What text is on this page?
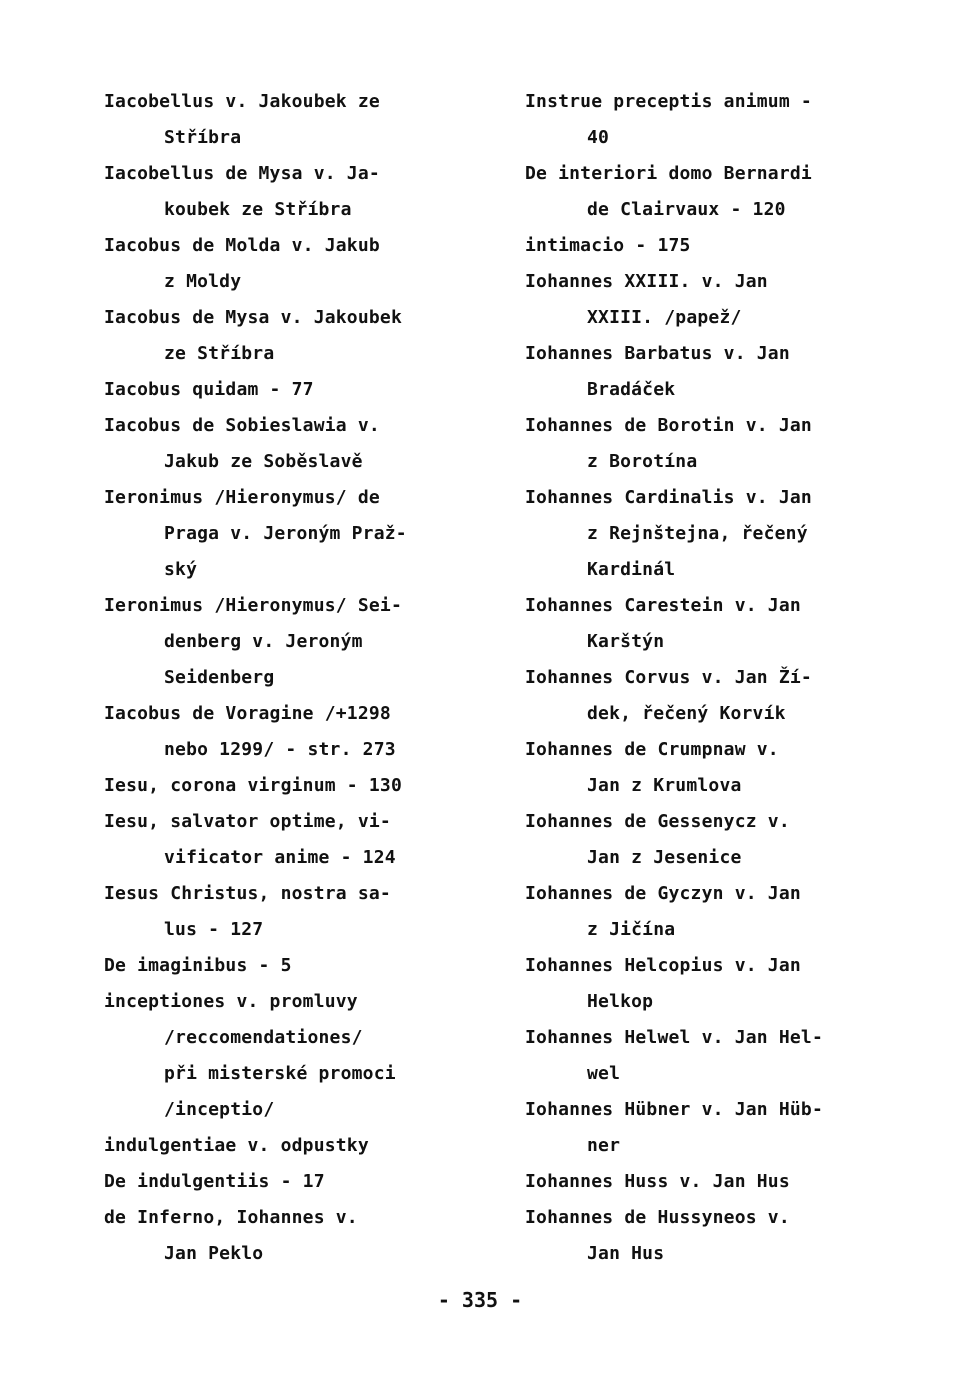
Iacobellus v. Jakoubek ze
Stříbra
Iacobellus de Mysa v. Ja-
koubek ze Stříbra
Iacobus de Molda v. Jakub
z Moldy
Iacobus de Mysa v. Jakoubek
ze Stříbra
Iacobus quidam - 77
Iacobus de Sobieslawia v.
Jakub ze Soběslavě
Ieronimus /Hieronymus/ de
Praga v. Jeroným Praž-
ský
Ieronimus /Hieronymus/ Sei-
denberg v. Jeroným
Seidenberg
Iacobus de Voragine /+1298
nebo 1299/ - str. 273
Iesu, corona virginum - 130
Iesu, salvator optime, vi-
vificator anime - 124
Iesus Christus, nostra sa-
lus - 127
De imaginibus - 5
inceptiones v. promluvy
/reccomendationes/
při misterské promoci
/inceptio/
indulgentiae v. odpustky
De indulgentiis - 17
de Inferno, Iohannes v.
Jan Peklo
Instrue preceptis animum -
40
De interiori domo Bernardi
de Clairvaux - 120
intimacio - 175
Iohannes XXIII. v. Jan
XXIII. /papež/
Iohannes Barbatus v. Jan
Bradáček
Iohannes de Borotin v. Jan
z Borotína
Iohannes Cardinalis v. Jan
z Rejnštejna, řečený
Kardinál
Iohannes Carestein v. Jan
Karštýn
Iohannes Corvus v. Jan Ží-
dek, řečený Korvík
Iohannes de Crumpnaw v.
Jan z Krumlova
Iohannes de Gessenycz v.
Jan z Jesenice
Iohannes de Gyczyn v. Jan
z Jičína
Iohannes Helcopius v. Jan
Helkop
Iohannes Helwel v. Jan Hel-
wel
Iohannes Hübner v. Jan Hüb-
ner
Iohannes Huss v. Jan Hus
Iohannes de Hussyneos v.
Jan Hus
- 335 -
